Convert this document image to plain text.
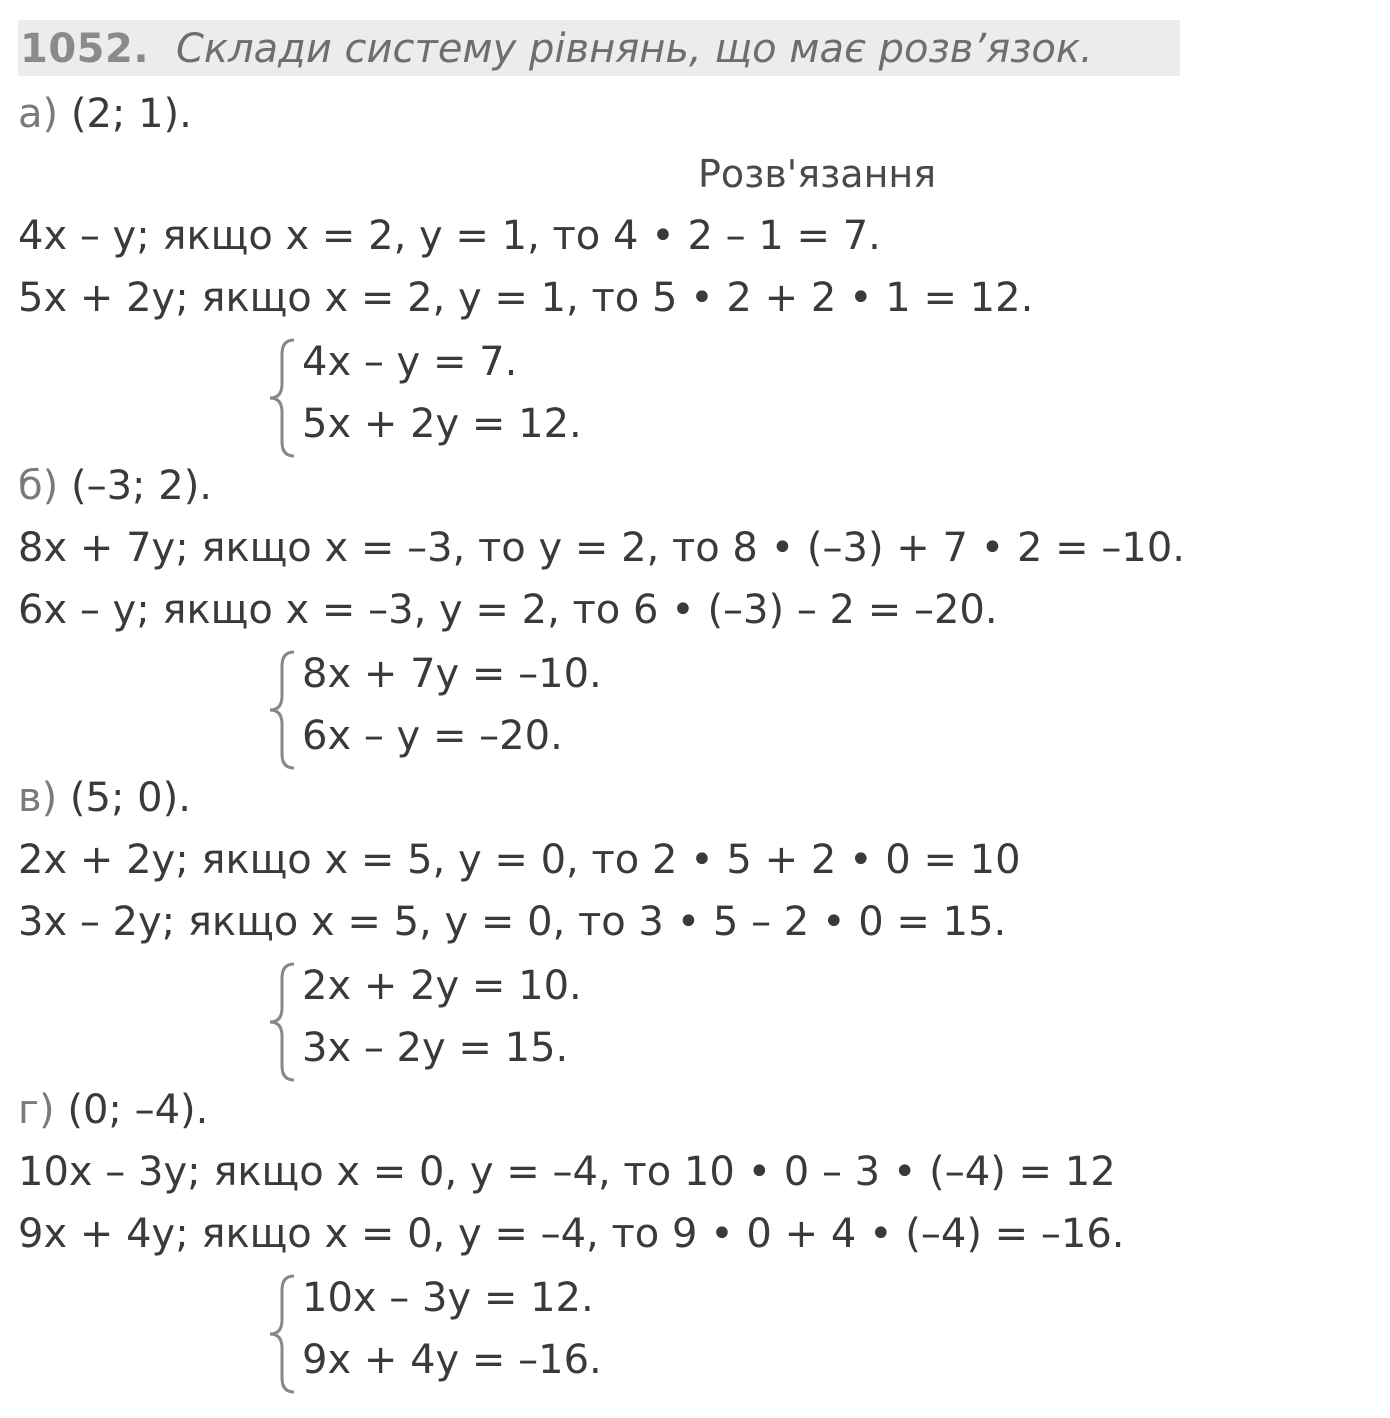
1052. Склади систему рівнянь, що має розв’язок.
а) (2; 1).
Розв'язання
4x – y; якщо x = 2, y = 1, то 4 • 2 – 1 = 7.
5x + 2y; якщо x = 2, y = 1, то 5 • 2 + 2 • 1 = 12.
4x – y = 7.
5x + 2y = 12.
б) (–3; 2).
8x + 7y; якщо x = –3, то y = 2, то 8 • (–3) + 7 • 2 = –10.
6x – y; якщо x = –3, y = 2, то 6 • (–3) – 2 = –20.
8x + 7y = –10.
6x – y = –20.
в) (5; 0).
2x + 2y; якщо x = 5, y = 0, то 2 • 5 + 2 • 0 = 10
3x – 2y; якщо x = 5, y = 0, то 3 • 5 – 2 • 0 = 15.
2x + 2y = 10.
3x – 2y = 15.
г) (0; –4).
10x – 3y; якщо x = 0, y = –4, то 10 • 0 – 3 • (–4) = 12
9x + 4y; якщо x = 0, y = –4, то 9 • 0 + 4 • (–4) = –16.
10x – 3y = 12.
9x + 4y = –16.
